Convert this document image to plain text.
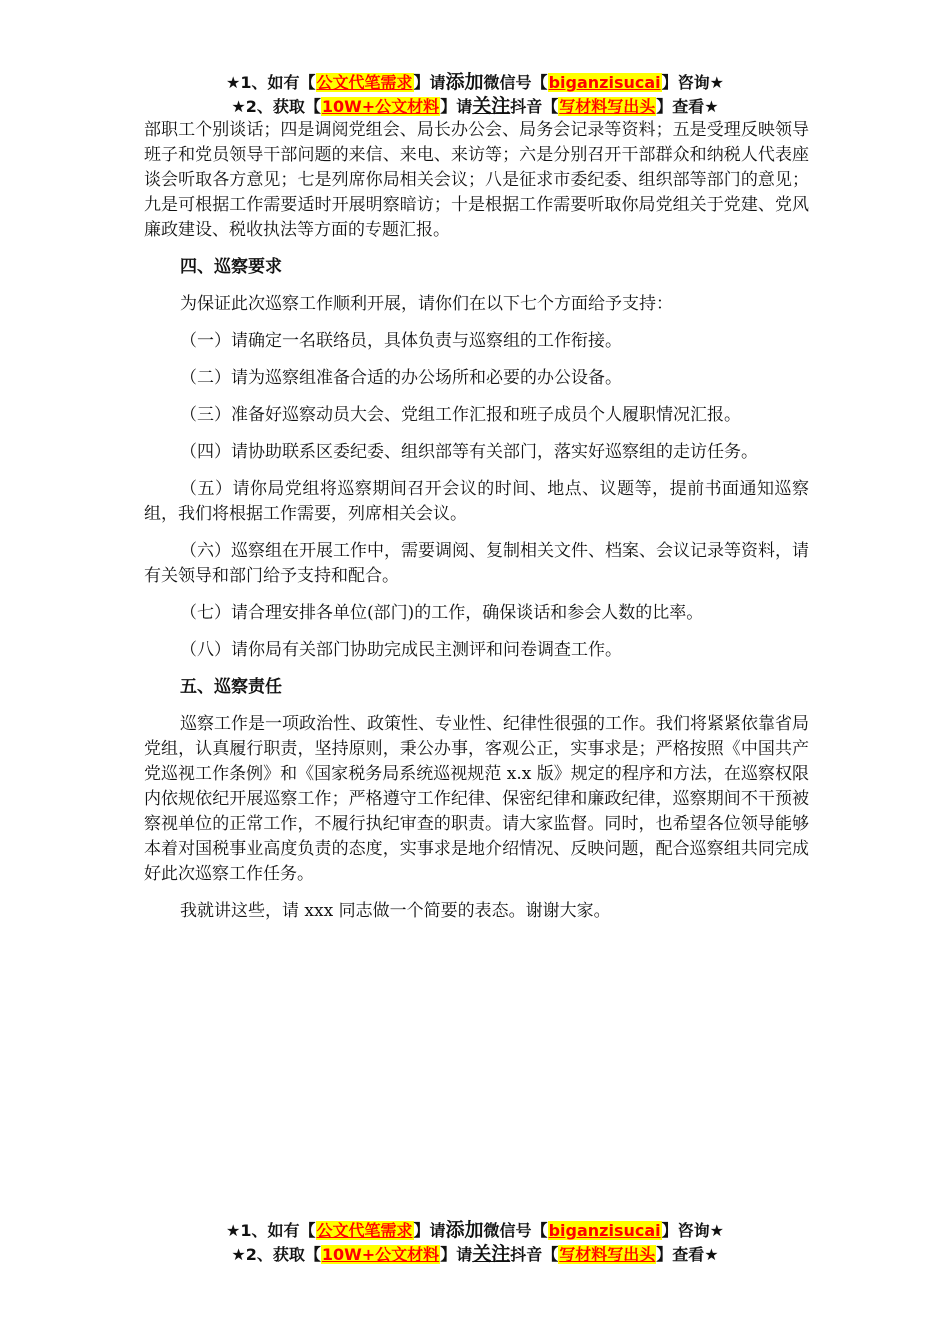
★1、如有【公文代笔需求】请添加微信号【biganzisucai】咨询★
★2、获取【10W+公文材料】请关注抖音【写材料写出头】查看★

部职工个别谈话；四是调阅党组会、局长办公会、局务会记录等资料；五是受理反映领导班子和党员领导干部问题的来信、来电、来访等；六是分别召开干部群众和纳税人代表座谈会听取各方意见；七是列席你局相关会议；八是征求市委纪委、组织部等部门的意见；九是可根据工作需要适时开展明察暗访；十是根据工作需要听取你局党组关于党建、党风廉政建设、税收执法等方面的专题汇报。

四、巡察要求

为保证此次巡察工作顺利开展，请你们在以下七个方面给予支持：

（一）请确定一名联络员，具体负责与巡察组的工作衔接。

（二）请为巡察组准备合适的办公场所和必要的办公设备。

（三）准备好巡察动员大会、党组工作汇报和班子成员个人履职情况汇报。

（四）请协助联系区委纪委、组织部等有关部门，落实好巡察组的走访任务。

（五）请你局党组将巡察期间召开会议的时间、地点、议题等，提前书面通知巡察组，我们将根据工作需要，列席相关会议。

（六）巡察组在开展工作中，需要调阅、复制相关文件、档案、会议记录等资料，请有关领导和部门给予支持和配合。

（七）请合理安排各单位(部门)的工作，确保谈话和参会人数的比率。

（八）请你局有关部门协助完成民主测评和问卷调查工作。

五、巡察责任

巡察工作是一项政治性、政策性、专业性、纪律性很强的工作。我们将紧紧依靠省局党组，认真履行职责，坚持原则，秉公办事，客观公正，实事求是；严格按照《中国共产党巡视工作条例》和《国家税务局系统巡视规范 x.x 版》规定的程序和方法，在巡察权限内依规依纪开展巡察工作；严格遵守工作纪律、保密纪律和廉政纪律，巡察期间不干预被察视单位的正常工作，不履行执纪审查的职责。请大家监督。同时，也希望各位领导能够本着对国税事业高度负责的态度，实事求是地介绍情况、反映问题，配合巡察组共同完成好此次巡察工作任务。

我就讲这些，请 xxx 同志做一个简要的表态。谢谢大家。

★1、如有【公文代笔需求】请添加微信号【biganzisucai】咨询★
★2、获取【10W+公文材料】请关注抖音【写材料写出头】查看★
